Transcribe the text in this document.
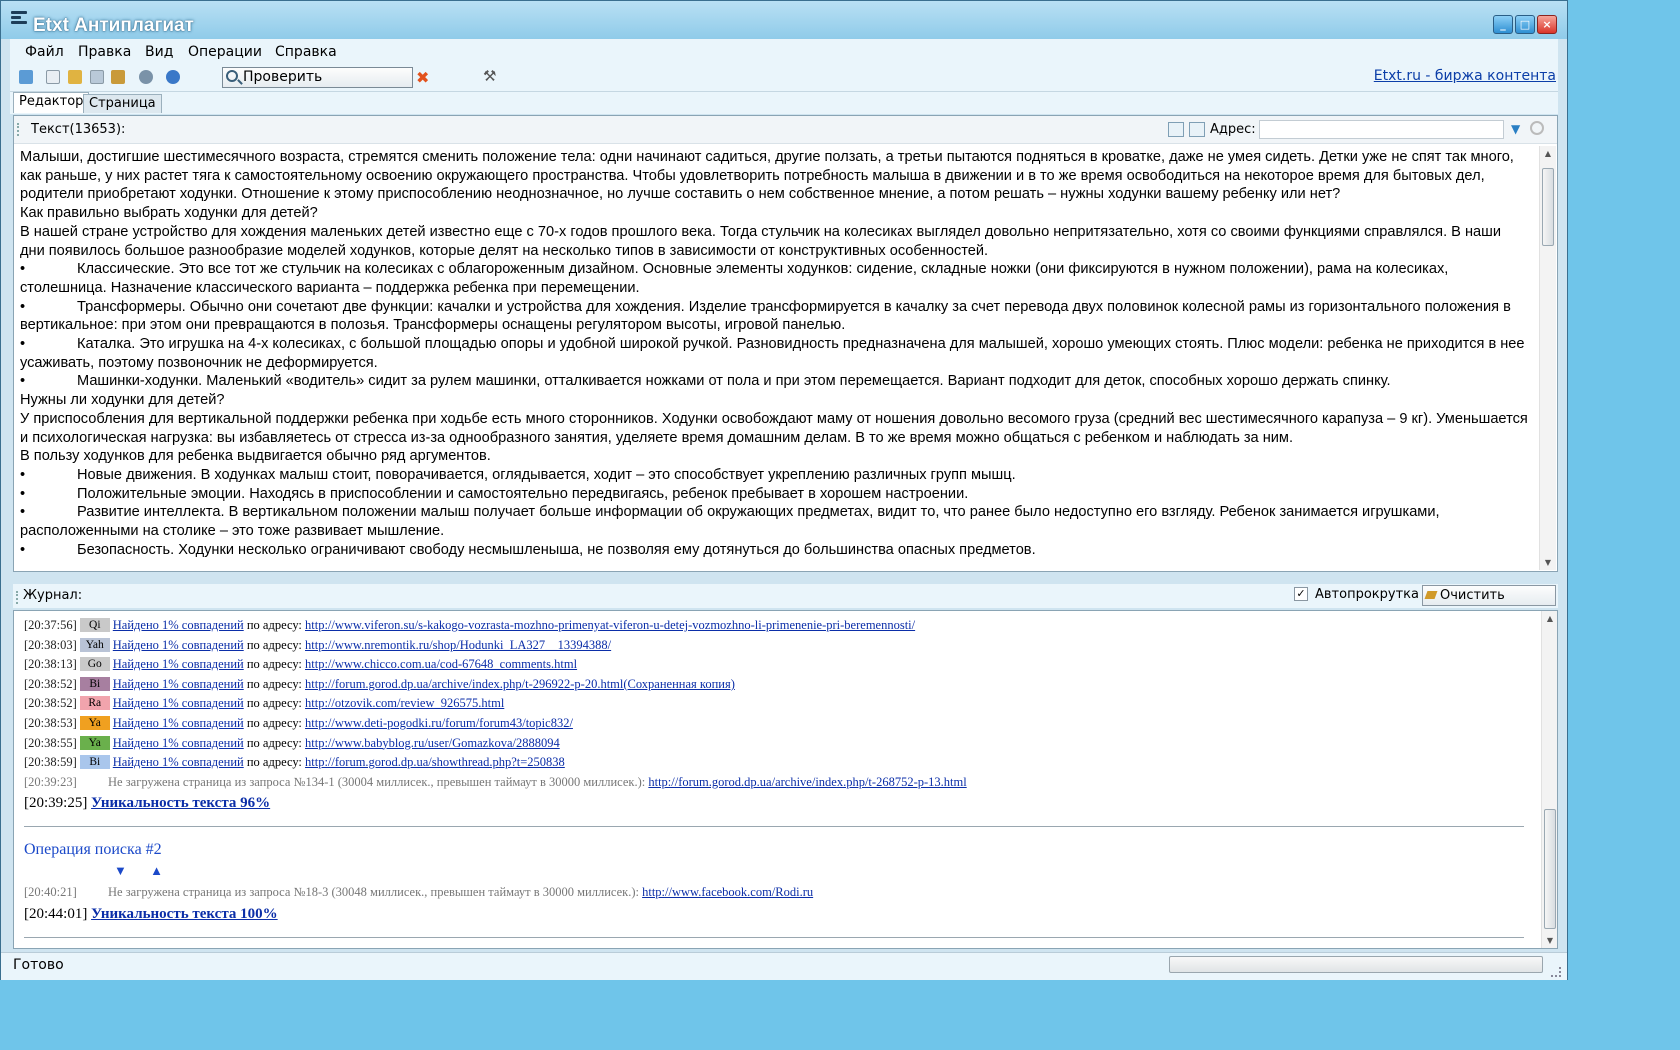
Etxt Антиплагиат	_	□	×
Файл Правка Вид Операции Справка
Проверить	✖	⚒	Etxt.ru - биржа контента
Редактор Страница
Текст(13653):	Адрес:	▼

Малыши, достигшие шестимесячного возраста, стремятся сменить положение тела: одни начинают садиться, другие ползать, а третьи пытаются подняться в кроватке, даже не умея сидеть. Детки уже не спят так много, как раньше, у них растет тяга к самостоятельному освоению окружающего пространства. Чтобы удовлетворить потребность малыша в движении и в то же время освободиться на некоторое время для бытовых дел, родители приобретают ходунки. Отношение к этому приспособлению неоднозначное, но лучше составить о нем собственное мнение, а потом решать – нужны ходунки вашему ребенку или нет?

Как правильно выбрать ходунки для детей?

В нашей стране устройство для хождения маленьких детей известно еще с 70-х годов прошлого века. Тогда стульчик на колесиках выглядел довольно непритязательно, хотя со своими функциями справлялся. В наши дни появилось большое разнообразие моделей ходунков, которые делят на несколько типов в зависимости от конструктивных особенностей.

•	Классические. Это все тот же стульчик на колесиках с облагороженным дизайном. Основные элементы ходунков: сидение, складные ножки (они фиксируются в нужном положении), рама на колесиках, столешница. Назначение классического варианта – поддержка ребенка при перемещении.

•	Трансформеры. Обычно они сочетают две функции: качалки и устройства для хождения. Изделие трансформируется в качалку за счет перевода двух половинок колесной рамы из горизонтального положения в вертикальное: при этом они превращаются в полозья. Трансформеры оснащены регулятором высоты, игровой панелью.

•	Каталка. Это игрушка на 4-х колесиках, с большой площадью опоры и удобной широкой ручкой. Разновидность предназначена для малышей, хорошо умеющих стоять. Плюс модели: ребенка не приходится в нее усаживать, поэтому позвоночник не деформируется.

•	Машинки-ходунки. Маленький «водитель» сидит за рулем машинки, отталкивается ножками от пола и при этом перемещается. Вариант подходит для деток, способных хорошо держать спинку.

Нужны ли ходунки для детей?

У приспособления для вертикальной поддержки ребенка при ходьбе есть много сторонников. Ходунки освобождают маму от ношения довольно весомого груза (средний вес шестимесячного карапуза – 9 кг). Уменьшается и психологическая нагрузка: вы избавляетесь от стресса из-за однообразного занятия, уделяете время домашним делам. В то же время можно общаться с ребенком и наблюдать за ним.

В пользу ходунков для ребенка выдвигается обычно ряд аргументов.

•	Новые движения. В ходунках малыш стоит, поворачивается, оглядывается, ходит – это способствует укреплению различных групп мышц.

•	Положительные эмоции. Находясь в приспособлении и самостоятельно передвигаясь, ребенок пребывает в хорошем настроении.

•	Развитие интеллекта. В вертикальном положении малыш получает больше информации об окружающих предметах, видит то, что ранее было недоступно его взгляду. Ребенок занимается игрушками, расположенными на столике – это тоже развивает мышление.

•	Безопасность. Ходунки несколько ограничивают свободу несмышленыша, не позволяя ему дотянуться до большинства опасных предметов.

▲
▼
Журнал:	✓ Автопрокрутка	Очистить
[20:37:56] Qi Найдено 1% совпадений по адресу: http://www.viferon.su/s-kakogo-vozrasta-mozhno-primenyat-viferon-u-detej-vozmozhno-li-primenenie-pri-beremennosti/
[20:38:03] Yah Найдено 1% совпадений по адресу: http://www.nremontik.ru/shop/Hodunki_LA327__13394388/
[20:38:13] Go Найдено 1% совпадений по адресу: http://www.chicco.com.ua/cod-67648_comments.html
[20:38:52] Bi Найдено 1% совпадений по адресу: http://forum.gorod.dp.ua/archive/index.php/t-296922-p-20.html(Сохраненная копия)
[20:38:52] Ra Найдено 1% совпадений по адресу: http://otzovik.com/review_926575.html
[20:38:53] Ya Найдено 1% совпадений по адресу: http://www.deti-pogodki.ru/forum/forum43/topic832/
[20:38:55] Ya Найдено 1% совпадений по адресу: http://www.babyblog.ru/user/Gomazkova/2888094
[20:38:59] Bi Найдено 1% совпадений по адресу: http://forum.gorod.dp.ua/showthread.php?t=250838
[20:39:23]	Не загружена страница из запроса №134-1 (30004 миллисек., превышен таймаут в 30000 миллисек.): http://forum.gorod.dp.ua/archive/index.php/t-268752-p-13.html
[20:39:25] Уникальность текста 96%
Операция поиска #2
▼ ▲
[20:40:21]	Не загружена страница из запроса №18-3 (30048 миллисек., превышен таймаут в 30000 миллисек.): http://www.facebook.com/Rodi.ru
[20:44:01] Уникальность текста 100%
▲
▼
Готово
